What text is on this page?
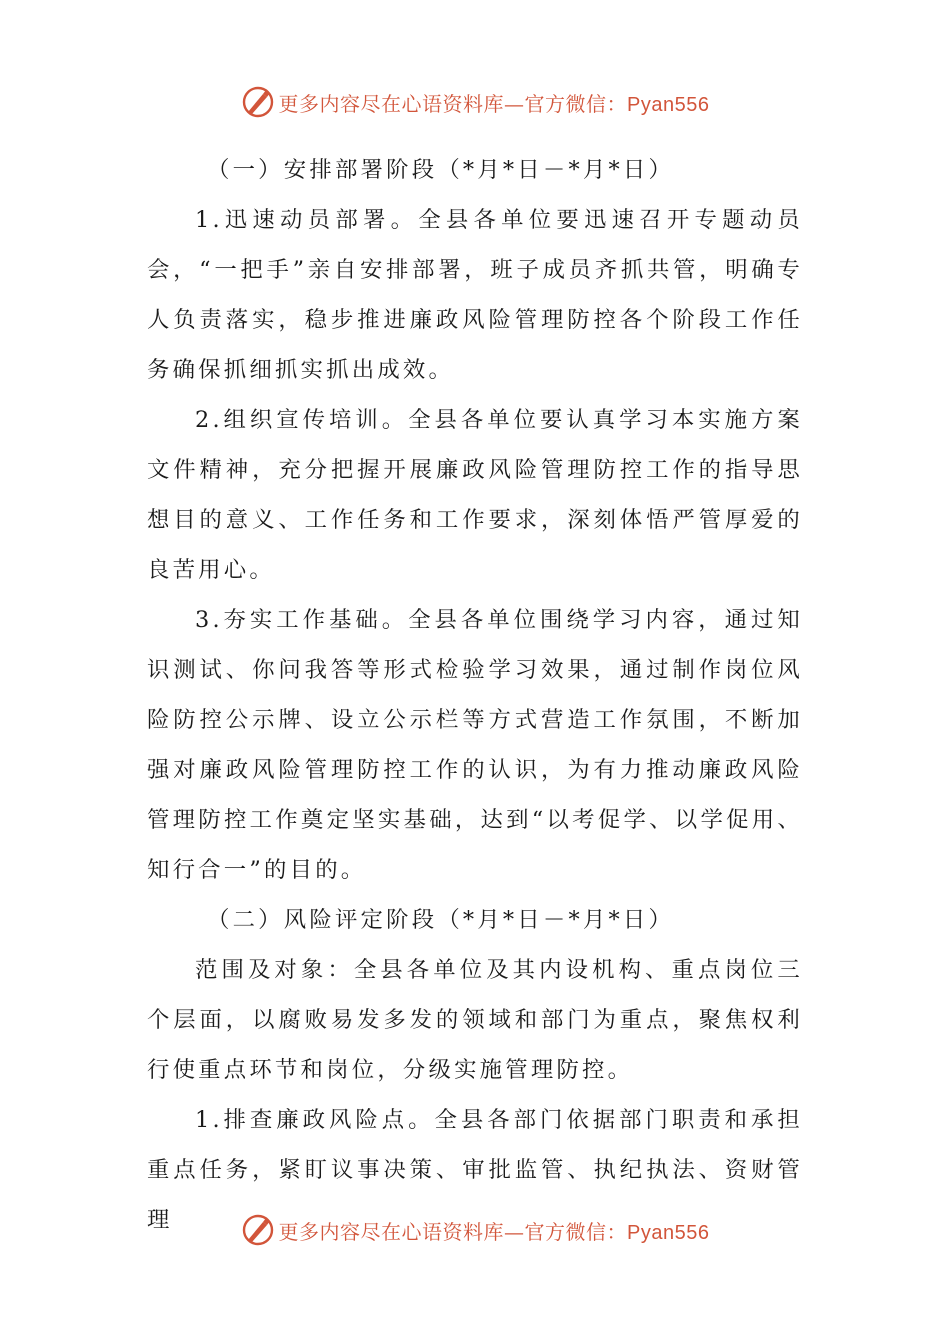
更多内容尽在心语资料库—官方微信：Pyan556

（一）安排部署阶段（*月*日－*月*日）

1.迅速动员部署。全县各单位要迅速召开专题动员会，“一把手”亲自安排部署，班子成员齐抓共管，明确专人负责落实，稳步推进廉政风险管理防控各个阶段工作任务确保抓细抓实抓出成效。

2.组织宣传培训。全县各单位要认真学习本实施方案文件精神，充分把握开展廉政风险管理防控工作的指导思想目的意义、工作任务和工作要求，深刻体悟严管厚爱的良苦用心。

3.夯实工作基础。全县各单位围绕学习内容，通过知识测试、你问我答等形式检验学习效果，通过制作岗位风险防控公示牌、设立公示栏等方式营造工作氛围，不断加强对廉政风险管理防控工作的认识，为有力推动廉政风险管理防控工作奠定坚实基础，达到“以考促学、以学促用、知行合一”的目的。

（二）风险评定阶段（*月*日－*月*日）

范围及对象：全县各单位及其内设机构、重点岗位三个层面，以腐败易发多发的领域和部门为重点，聚焦权利行使重点环节和岗位，分级实施管理防控。

1.排查廉政风险点。全县各部门依据部门职责和承担重点任务，紧盯议事决策、审批监管、执纪执法、资财管理	更多内容尽在心语资料库—官方微信：Pyan556
